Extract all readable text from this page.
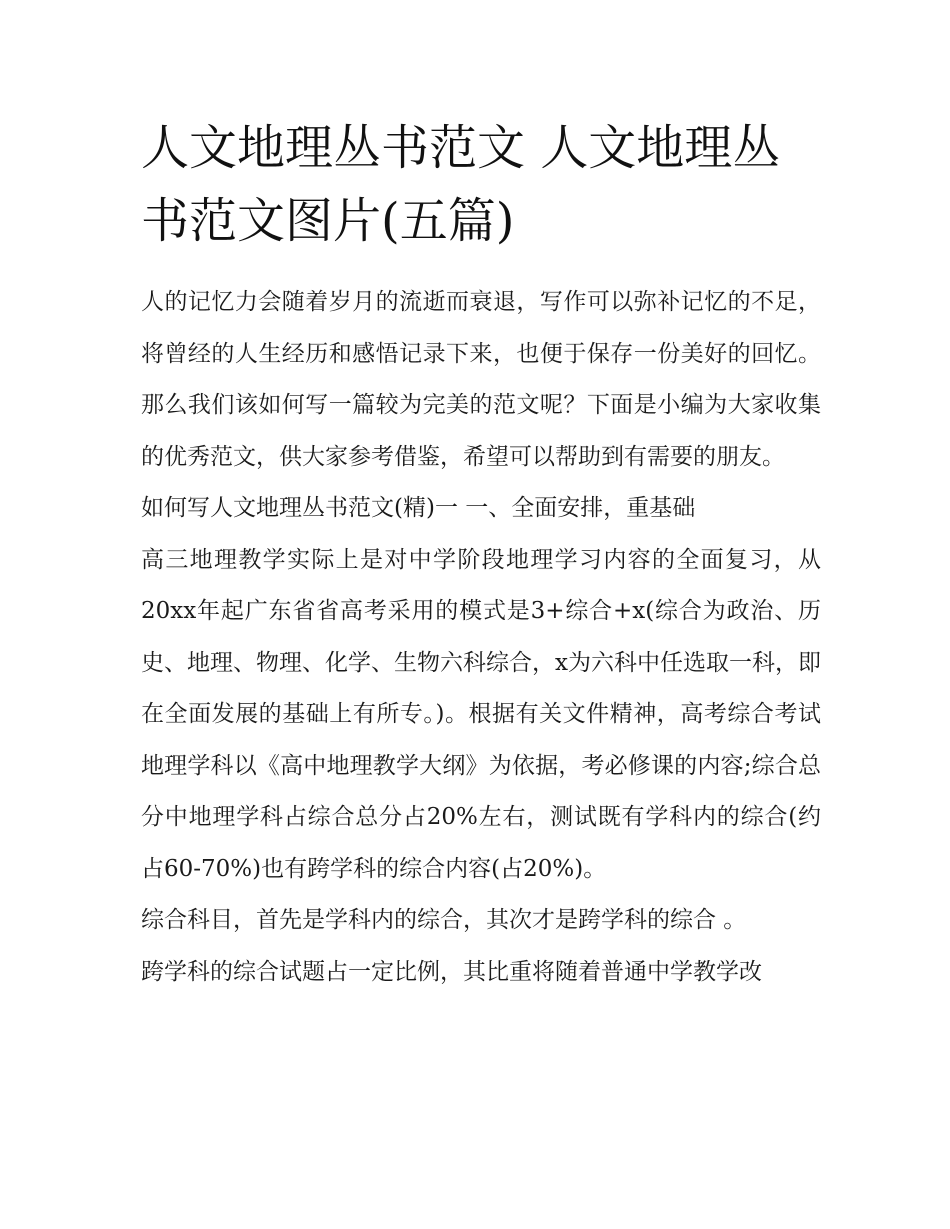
人文地理丛书范文 人文地理丛书范文图片(五篇)

人的记忆力会随着岁月的流逝而衰退，写作可以弥补记忆的不足，将曾经的人生经历和感悟记录下来，也便于保存一份美好的回忆。那么我们该如何写一篇较为完美的范文呢？下面是小编为大家收集的优秀范文，供大家参考借鉴，希望可以帮助到有需要的朋友。

如何写人文地理丛书范文(精)一 一、全面安排，重基础

高三地理教学实际上是对中学阶段地理学习内容的全面复习，从20xx年起广东省省高考采用的模式是3+综合+x(综合为政治、历史、地理、物理、化学、生物六科综合，x为六科中任选取一科，即在全面发展的基础上有所专。)。根据有关文件精神，高考综合考试地理学科以《高中地理教学大纲》为依据，考必修课的内容;综合总分中地理学科占综合总分占20%左右，测试既有学科内的综合(约占60-70%)也有跨学科的综合内容(占20%)。

综合科目，首先是学科内的综合，其次才是跨学科的综合 。

跨学科的综合试题占一定比例，其比重将随着普通中学教学改
